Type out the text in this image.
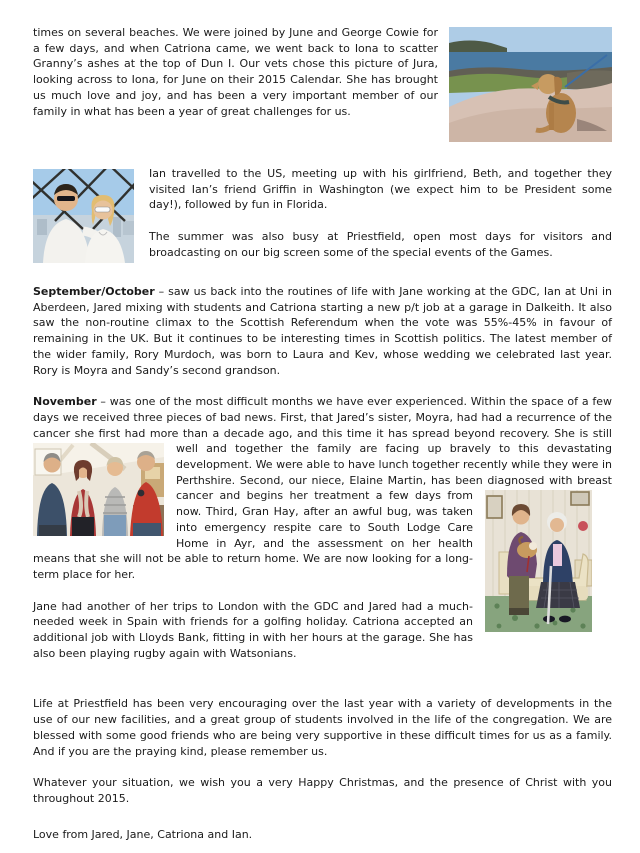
times on several beaches. We were joined by June and George Cowie for a few days, and when Catriona came, we went back to Iona to scatter Granny’s ashes at the top of Dun I. Our vets chose this picture of Jura, looking across to Iona, for June on their 2015 Calendar. She has brought us much love and joy, and has been a very important member of our family in what has been a year of great challenges for us.

Ian travelled to the US, meeting up with his girlfriend, Beth, and together they visited Ian’s friend Griffin in Washington (we expect him to be President some day!), followed by fun in Florida.

The summer was also busy at Priestfield, open most days for visitors and broadcasting on our big screen some of the special events of the Games.

September/October – saw us back into the routines of life with Jane working at the GDC, Ian at Uni in Aberdeen, Jared mixing with students and Catriona starting a new p/t job at a garage in Dalkeith. It also saw the non-routine climax to the Scottish Referendum when the vote was 55%-45% in favour of remaining in the UK. But it continues to be interesting times in Scottish politics. The latest member of the wider family, Rory Murdoch, was born to Laura and Kev, whose wedding we celebrated last year. Rory is Moyra and Sandy’s second grandson.

November – was one of the most difficult months we have ever experienced. Within the space of a few days we received three pieces of bad news. First, that Jared’s sister, Moyra, had had a recurrence of the cancer she first had more than a decade ago, and this time it has spread beyond
recovery. She is still well and together the family are facing up bravely to this devastating development. We were able to have lunch together recently while they were in Perthshire. Second, our niece, Elaine Martin, has been diagnosed with breast cancer and begins her treatment a few
days from now. Third, Gran Hay, after an awful bug, was taken into emergency respite care to South Lodge Care Home in Ayr, and the assessment on her health means that she will not be able to return home. We are now looking for a long-term place for her.

Jane had another of her trips to London with the GDC and Jared had a much-needed week in Spain with friends for a golfing holiday. Catriona accepted an additional job with Lloyds Bank, fitting in with her hours at the garage. She has also been playing rugby again with Watsonians.

Life at Priestfield has been very encouraging over the last year with a variety of developments in the use of our new facilities, and a great group of students involved in the life of the congregation. We are blessed with some good friends who are being very supportive in these difficult times for us as a family. And if you are the praying kind, please remember us.

Whatever your situation, we wish you a very Happy Christmas, and the presence of Christ with you throughout 2015.

Love from Jared, Jane, Catriona and Ian.
